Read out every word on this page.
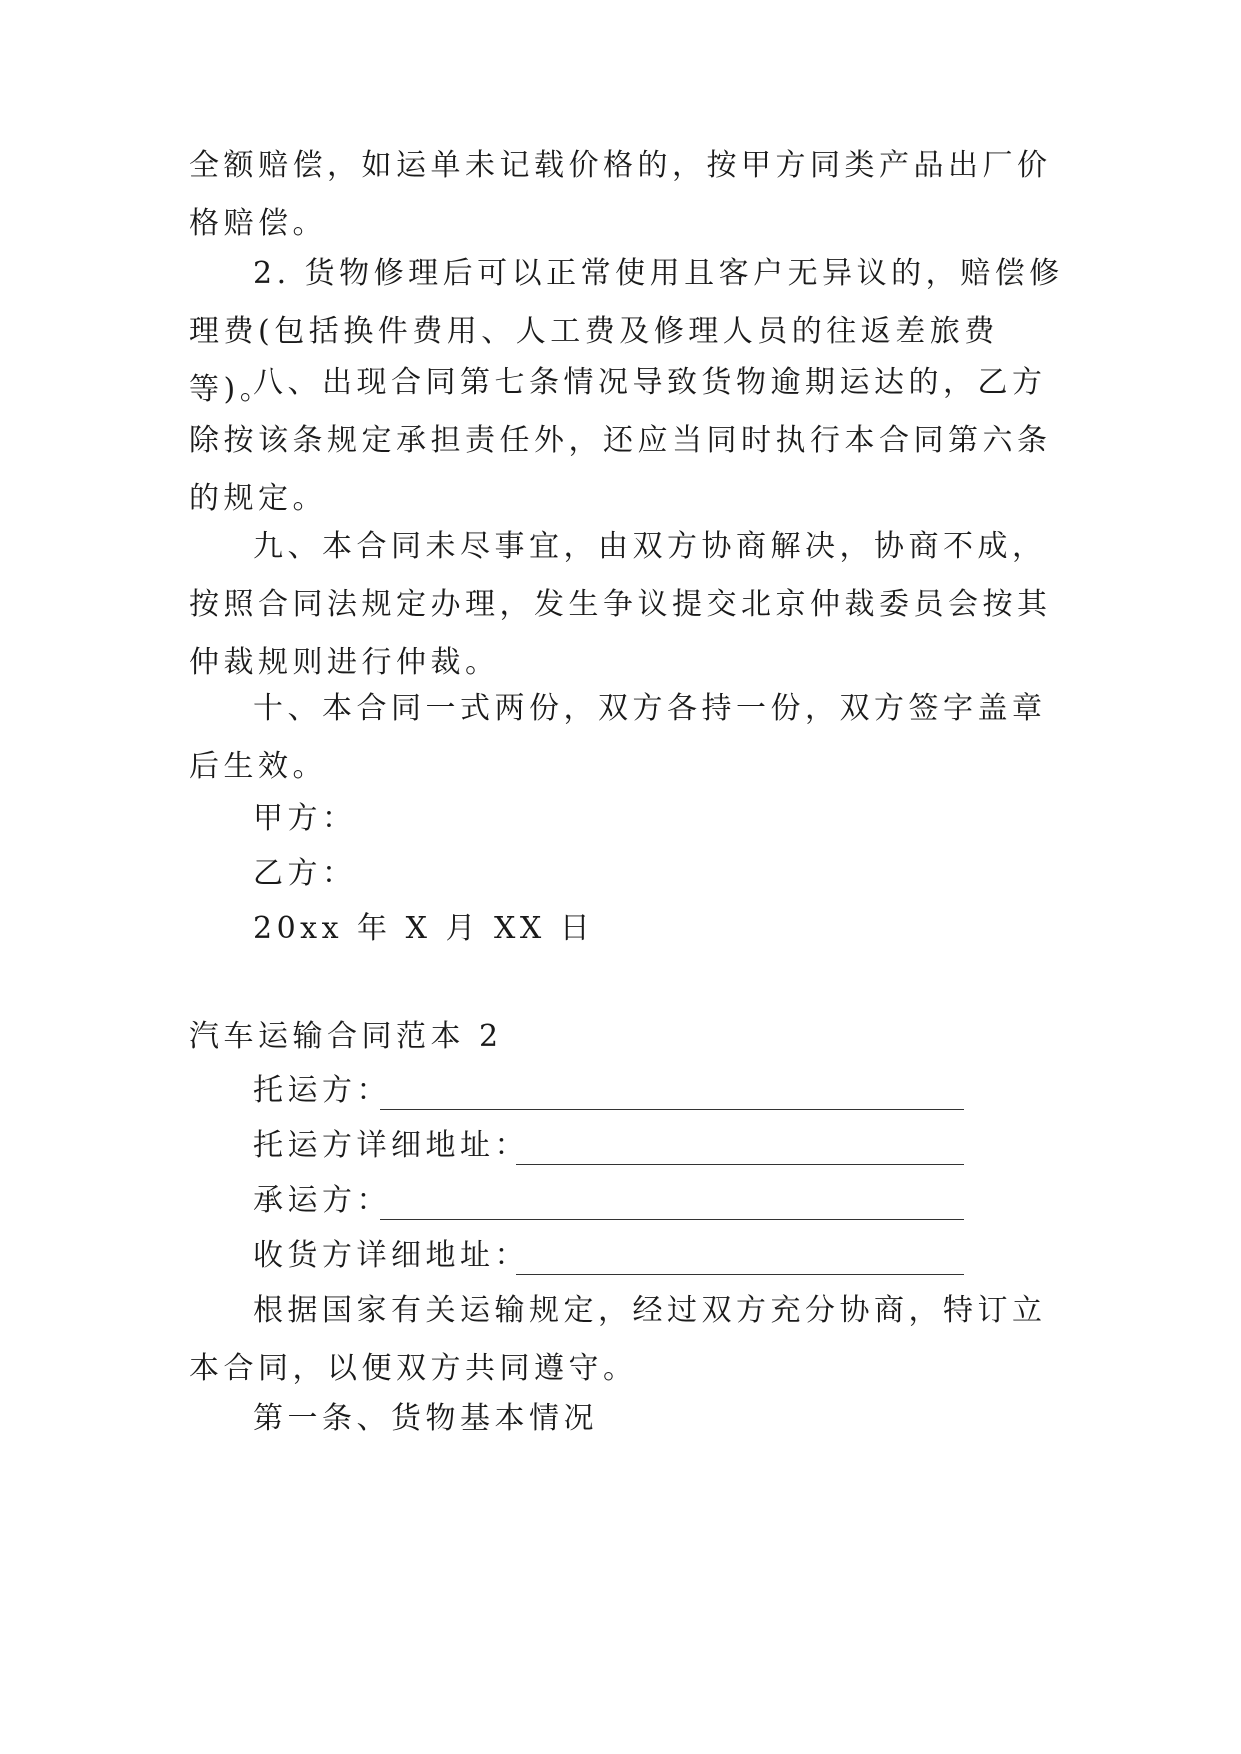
全额赔偿，如运单未记载价格的，按甲方同类产品出厂价格赔偿。

2. 货物修理后可以正常使用且客户无异议的，赔偿修理费(包括换件费用、人工费及修理人员的往返差旅费等)。

八、出现合同第七条情况导致货物逾期运达的，乙方除按该条规定承担责任外，还应当同时执行本合同第六条的规定。

九、本合同未尽事宜，由双方协商解决，协商不成，按照合同法规定办理，发生争议提交北京仲裁委员会按其仲裁规则进行仲裁。

十、本合同一式两份，双方各持一份，双方签字盖章后生效。

甲方：

乙方：

20xx 年 X 月 XX 日

汽车运输合同范本 2

托运方：
托运方详细地址：
承运方：
收货方详细地址：

根据国家有关运输规定，经过双方充分协商，特订立本合同，以便双方共同遵守。

第一条、货物基本情况
